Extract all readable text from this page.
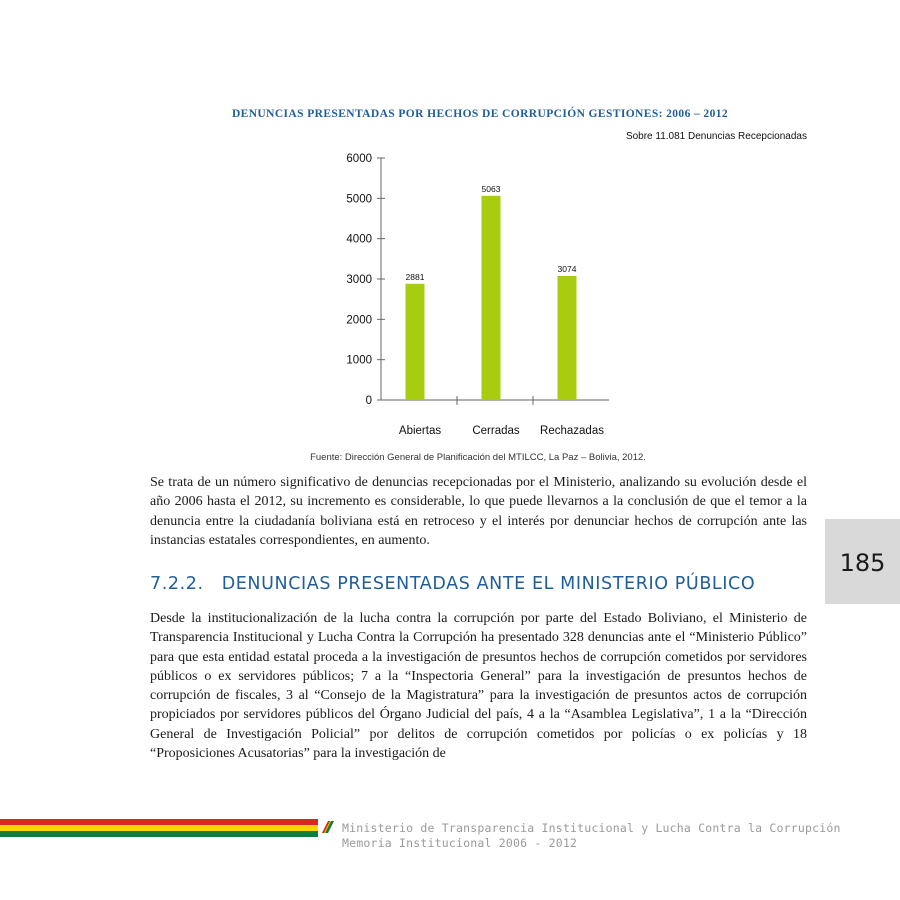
DENUNCIAS PRESENTADAS POR HECHOS DE CORRUPCIÓN GESTIONES: 2006 – 2012
Sobre 11.081 Denuncias Recepcionadas
0
1000
2000
3000
4000
5000
6000
2881
Abiertas
5063
Cerradas
3074
Rechazadas
Fuente: Dirección General de Planificación del MTILCC, La Paz – Bolivia, 2012.

Se trata de un número significativo de denuncias recepcionadas por el Ministerio, analizando su evolución desde el año 2006 hasta el 2012, su incremento es considerable, lo que puede llevarnos a la conclusión de que el temor a la denuncia entre la ciudadanía boliviana está en retroceso y el interés por denunciar hechos de corrupción ante las instancias estatales correspondientes, en aumento.

7.2.2. DENUNCIAS PRESENTADAS ANTE EL MINISTERIO PÚBLICO

Desde la institucionalización de la lucha contra la corrupción por parte del Estado Boliviano, el Ministerio de Transparencia Institucional y Lucha Contra la Corrupción ha presentado 328 denuncias ante el “Ministerio Público” para que esta entidad estatal proceda a la investigación de presuntos hechos de corrupción cometidos por servidores públicos o ex servidores públicos; 7 a la “Inspectoria General” para la investigación de presuntos hechos de corrupción de fiscales, 3 al “Consejo de la Magistratura” para la investigación de presuntos actos de corrupción propiciados por servidores públicos del Órgano Judicial del país, 4 a la “Asamblea Legislativa”, 1 a la “Dirección General de Investigación Policial” por delitos de corrupción cometidos por policías o ex policías y 18 “Proposiciones Acusatorias” para la investigación de

185
Ministerio de Transparencia Institucional y Lucha Contra la Corrupción
Memoria Institucional 2006 - 2012
